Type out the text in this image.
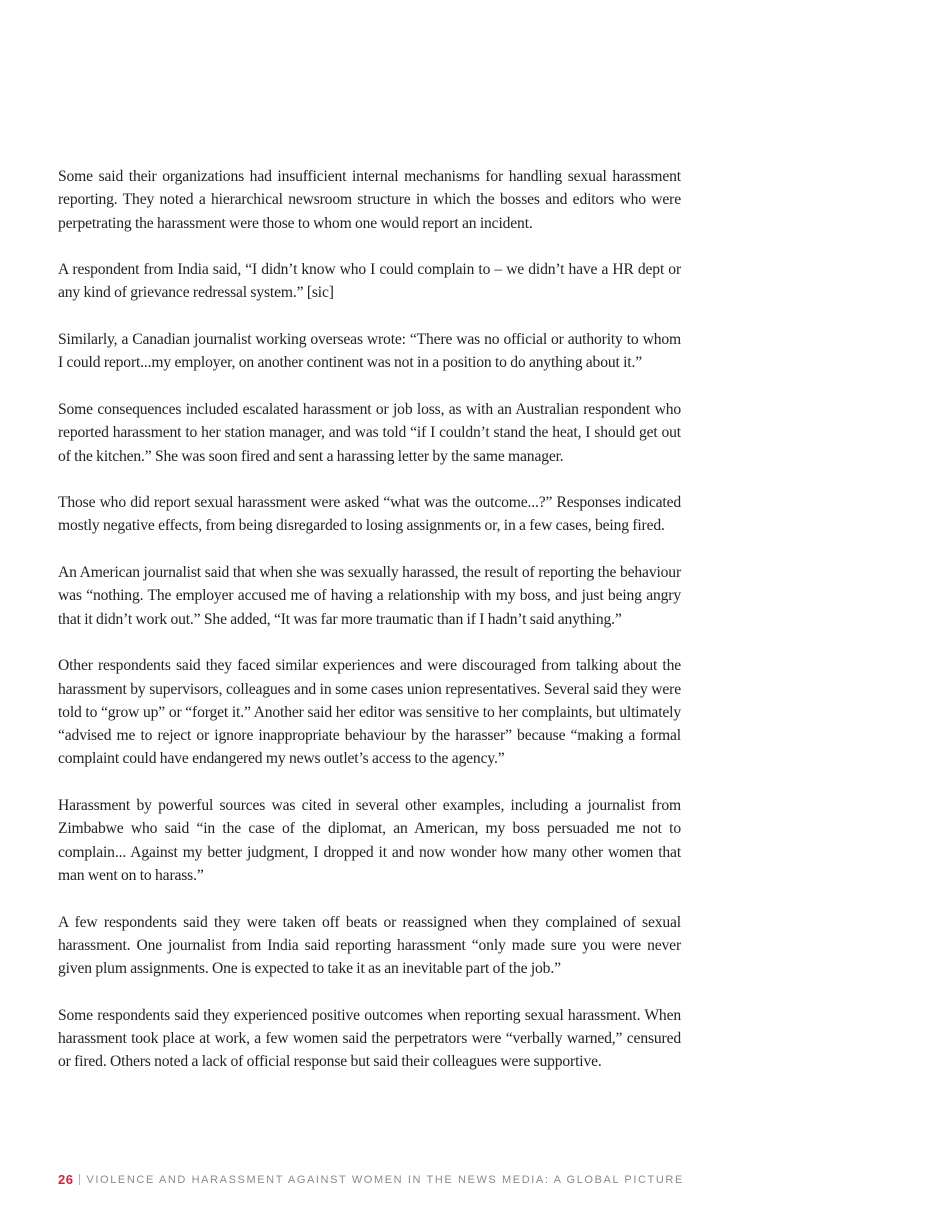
Some said their organizations had insufficient internal mechanisms for handling sexual harassment reporting. They noted a hierarchical newsroom structure in which the bosses and editors who were perpetrating the harassment were those to whom one would report an incident.

A respondent from India said, “I didn’t know who I could complain to – we didn’t have a HR dept or any kind of grievance redressal system.” [sic]

Similarly, a Canadian journalist working overseas wrote: “There was no official or authority to whom I could report...my employer, on another continent was not in a position to do anything about it.”

Some consequences included escalated harassment or job loss, as with an Australian respondent who reported harassment to her station manager, and was told “if I couldn’t stand the heat, I should get out of the kitchen.” She was soon fired and sent a harassing letter by the same manager.

Those who did report sexual harassment were asked “what was the outcome...?” Responses indicated mostly negative effects, from being disregarded to losing assignments or, in a few cases, being fired.

An American journalist said that when she was sexually harassed, the result of reporting the behaviour was “nothing. The employer accused me of having a relationship with my boss, and just being angry that it didn’t work out.” She added, “It was far more traumatic than if I hadn’t said anything.”

Other respondents said they faced similar experiences and were discouraged from talking about the harassment by supervisors, colleagues and in some cases union representatives. Several said they were told to “grow up” or “forget it.” Another said her editor was sensitive to her complaints, but ultimately “advised me to reject or ignore inappropriate behaviour by the harasser” because “making a formal complaint could have endangered my news outlet’s access to the agency.”

Harassment by powerful sources was cited in several other examples, including a journalist from Zimbabwe who said “in the case of the diplomat, an American, my boss persuaded me not to complain... Against my better judgment, I dropped it and now wonder how many other women that man went on to harass.”

A few respondents said they were taken off beats or reassigned when they complained of sexual harassment. One journalist from India said reporting harassment “only made sure you were never given plum assignments. One is expected to take it as an inevitable part of the job.”

Some respondents said they experienced positive outcomes when reporting sexual harassment. When harassment took place at work, a few women said the perpetrators were “verbally warned,” censured or fired. Others noted a lack of official response but said their colleagues were supportive.

26 VIOLENCE AND HARASSMENT AGAINST WOMEN IN THE NEWS MEDIA: A GLOBAL PICTURE
